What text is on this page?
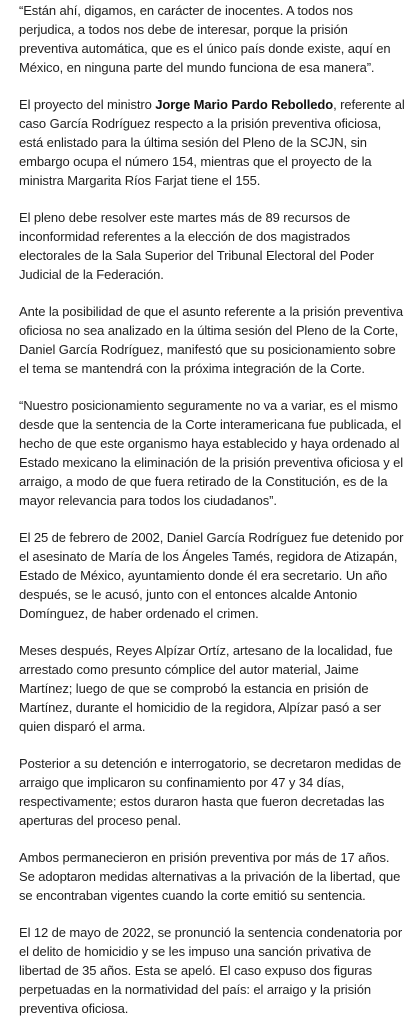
“Están ahí, digamos, en carácter de inocentes. A todos nos perjudica, a todos nos debe de interesar, porque la prisión preventiva automática, que es el único país donde existe, aquí en México, en ninguna parte del mundo funciona de esa manera”.

El proyecto del ministro Jorge Mario Pardo Rebolledo, referente al caso García Rodríguez respecto a la prisión preventiva oficiosa, está enlistado para la última sesión del Pleno de la SCJN, sin embargo ocupa el número 154, mientras que el proyecto de la ministra Margarita Ríos Farjat tiene el 155.

El pleno debe resolver este martes más de 89 recursos de inconformidad referentes a la elección de dos magistrados electorales de la Sala Superior del Tribunal Electoral del Poder Judicial de la Federación.

Ante la posibilidad de que el asunto referente a la prisión preventiva oficiosa no sea analizado en la última sesión del Pleno de la Corte, Daniel García Rodríguez, manifestó que su posicionamiento sobre el tema se mantendrá con la próxima integración de la Corte.

“Nuestro posicionamiento seguramente no va a variar, es el mismo desde que la sentencia de la Corte interamericana fue publicada, el hecho de que este organismo haya establecido y haya ordenado al Estado mexicano la eliminación de la prisión preventiva oficiosa y el arraigo, a modo de que fuera retirado de la Constitución, es de la mayor relevancia para todos los ciudadanos”.

El 25 de febrero de 2002, Daniel García Rodríguez fue detenido por el asesinato de María de los Ángeles Tamés, regidora de Atizapán, Estado de México, ayuntamiento donde él era secretario. Un año después, se le acusó, junto con el entonces alcalde Antonio Domínguez, de haber ordenado el crimen.

Meses después, Reyes Alpízar Ortíz, artesano de la localidad, fue arrestado como presunto cómplice del autor material, Jaime Martínez; luego de que se comprobó la estancia en prisión de Martínez, durante el homicidio de la regidora, Alpízar pasó a ser quien disparó el arma.

Posterior a su detención e interrogatorio, se decretaron medidas de arraigo que implicaron su confinamiento por 47 y 34 días, respectivamente; estos duraron hasta que fueron decretadas las aperturas del proceso penal.

Ambos permanecieron en prisión preventiva por más de 17 años. Se adoptaron medidas alternativas a la privación de la libertad, que se encontraban vigentes cuando la corte emitió su sentencia.

El 12 de mayo de 2022, se pronunció la sentencia condenatoria por el delito de homicidio y se les impuso una sanción privativa de libertad de 35 años. Esta se apeló. El caso expuso dos figuras perpetuadas en la normatividad del país: el arraigo y la prisión preventiva oficiosa.
